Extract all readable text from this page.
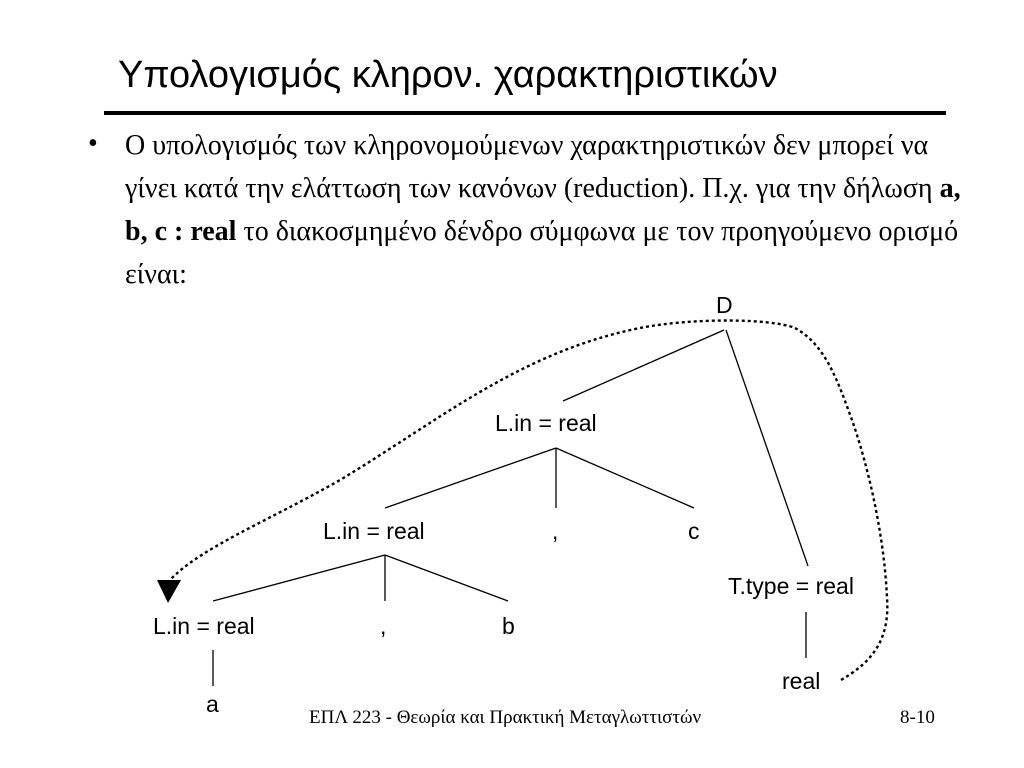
Υπολογισμός κληρον. χαρακτηριστικών
• Ο υπολογισμός των κληρονομούμενων χαρακτηριστικών δεν μπορεί να γίνει κατά την ελάττωση των κανόνων (reduction). Π.χ. για την δήλωση a, b, c : real το διακοσμημένο δένδρο σύμφωνα με τον προηγούμενο ορισμό είναι:
D
L.in = real
L.in = real	,	c
L.in = real	,	b
a
T.type = real
real
ΕΠΛ 223 - Θεωρία και Πρακτική Μεταγλωττιστών	8-10
